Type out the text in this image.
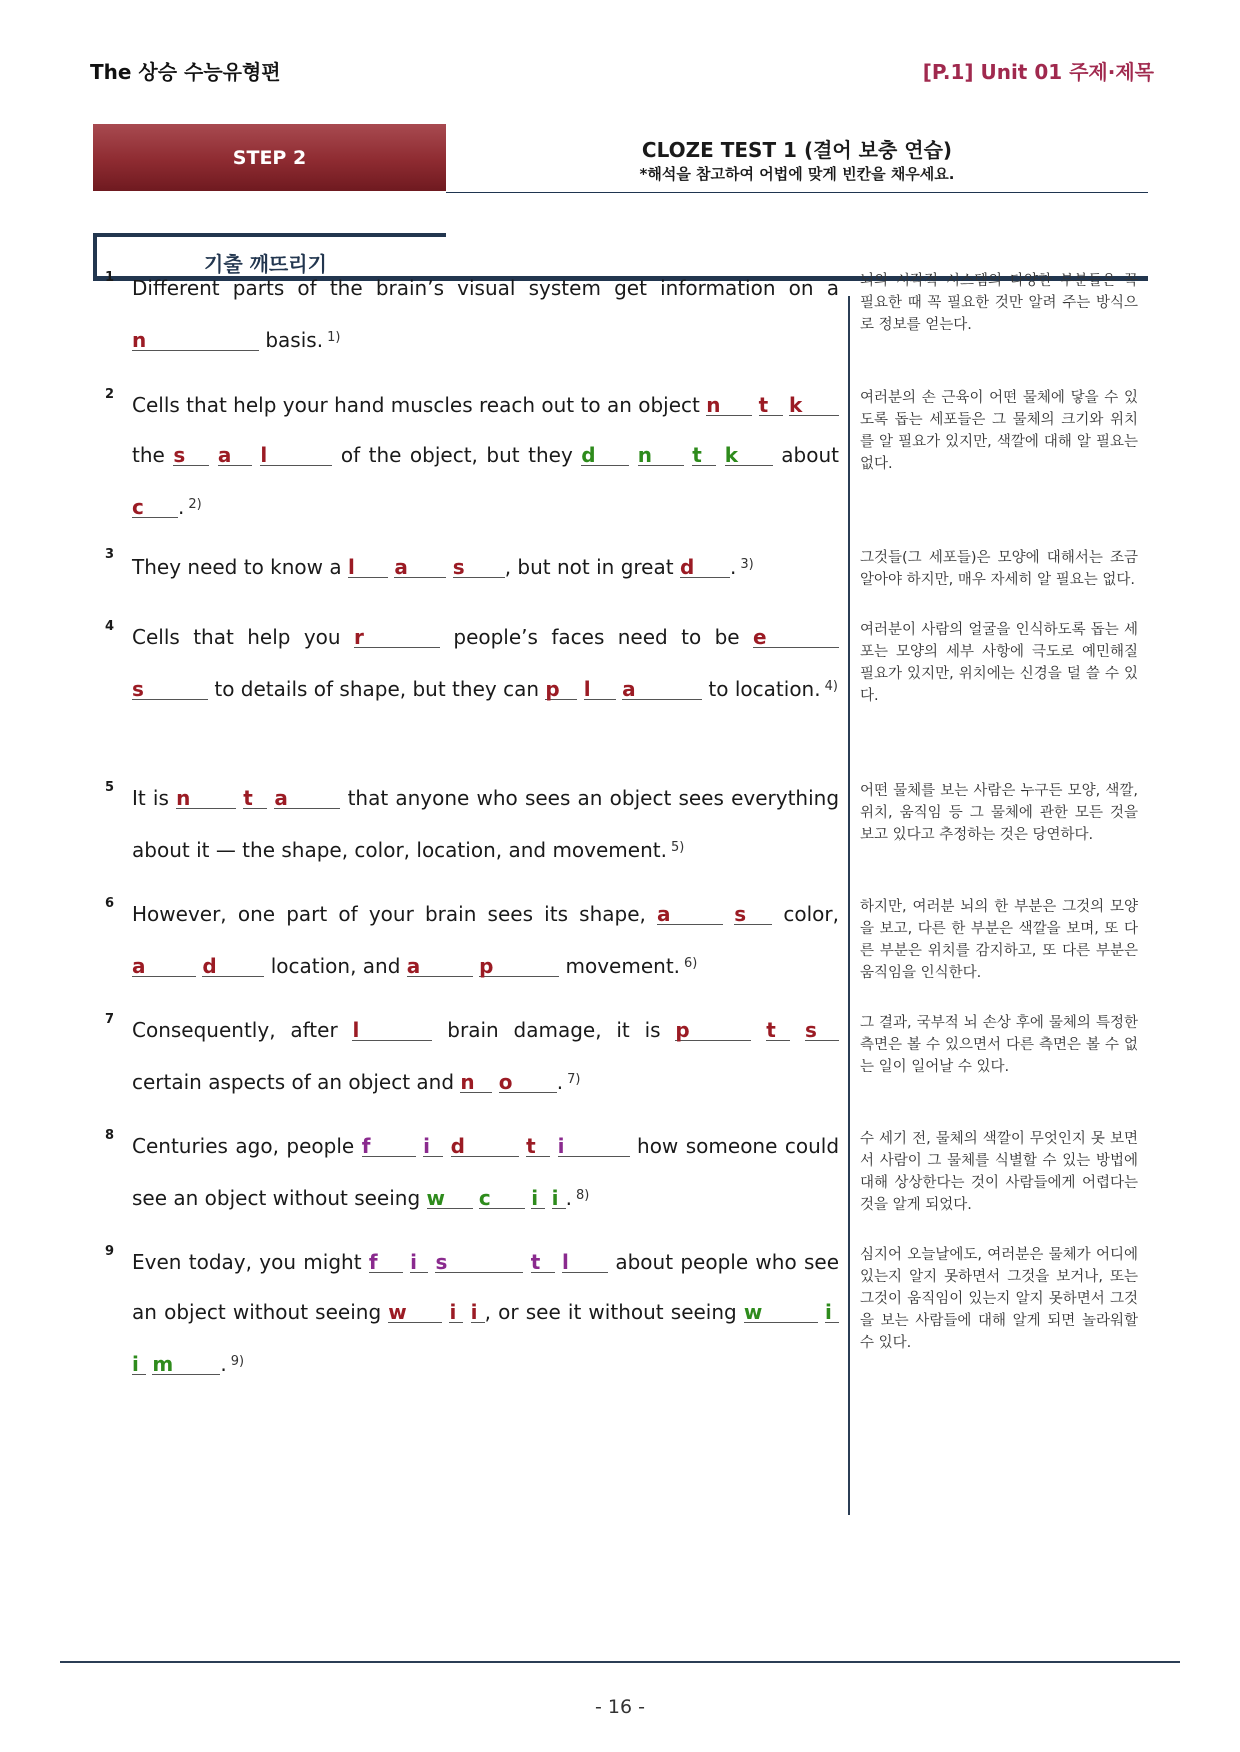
The 상승 수능유형편	[P.1] Unit 01 주제·제목
STEP 2	CLOZE TEST 1 (결어 보충 연습)
*해석을 참고하여 어법에 맞게 빈칸을 채우세요.
기출 깨뜨리기
1 Different parts of the brain’s visual system get information on a n	basis. $^{1)}$
뇌의 시각적 시스템의 다양한 부분들은 꼭 필요한 때 꼭 필요한 것만 알려 주는 방식으로 정보를 얻는다.
2 Cells that help your hand muscles reach out to an object n t k the s a l	of the object, but they d n t k about c . $^{2)}$
여러분의 손 근육이 어떤 물체에 닿을 수 있도록 돕는 세포들은 그 물체의 크기와 위치를 알 필요가 있지만, 색깔에 대해 알 필요는 없다.
3
They need to know a l a s , but not in great d . $^{3)}$	그것들(그 세포들)은 모양에 대해서는 조금 알아야 하지만, 매우 자세히 알 필요는 없다.
4 Cells that help you r	people’s faces need to be e s	to details of shape, but they can p l a	to location. $^{4)}$
여러분이 사람의 얼굴을 인식하도록 돕는 세포는 모양의 세부 사항에 극도로 예민해질 필요가 있지만, 위치에는 신경을 덜 쓸 수 있다.
5 It is n	t a	that anyone who sees an object sees everything about it — the shape, color, location, and movement. $^{5)}$
어떤 물체를 보는 사람은 누구든 모양, 색깔, 위치, 움직임 등 그 물체에 관한 모든 것을 보고 있다고 추정하는 것은 당연하다.
6 However, one part of your brain sees its shape, a	s color, a	d location, and a	p	movement. $^{6)}$
하지만, 여러분 뇌의 한 부분은 그것의 모양을 보고, 다른 한 부분은 색깔을 보며, 또 다른 부분은 위치를 감지하고, 또 다른 부분은 움직임을 인식한다.
7 Consequently, after l	brain damage, it is p	t s certain aspects of an object and n o . $^{7)}$
그 결과, 국부적 뇌 손상 후에 물체의 특정한 측면은 볼 수 있으면서 다른 측면은 볼 수 없는 일이 일어날 수 있다.
8 Centuries ago, people f	i d	t i	how someone could see an object without seeing w c i i . $^{8)}$
수 세기 전, 물체의 색깔이 무엇인지 못 보면서 사람이 그 물체를 식별할 수 있는 방법에 대해 상상한다는 것이 사람들에게 어렵다는 것을 알게 되었다.
9 Even today, you might f i s	t l about people who see an object without seeing w i i , or see it without seeing w	i i m . $^{9)}$
심지어 오늘날에도, 여러분은 물체가 어디에 있는지 알지 못하면서 그것을 보거나, 또는 그것이 움직임이 있는지 알지 못하면서 그것을 보는 사람들에 대해 알게 되면 놀라워할 수 있다.
- 16 -
